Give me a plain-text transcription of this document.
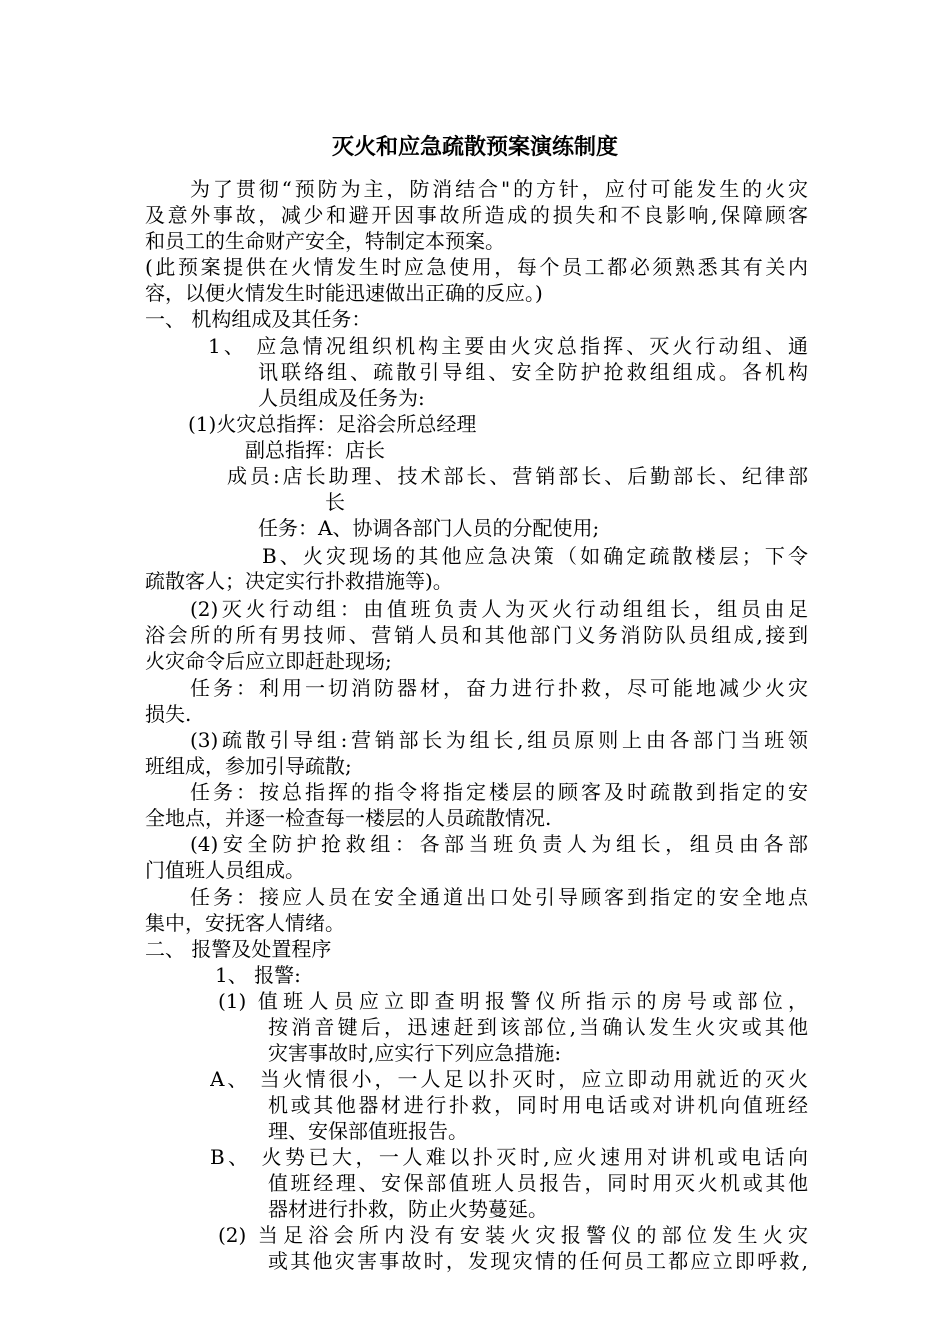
灭火和应急疏散预案演练制度
为了贯彻“预防为主，防消结合"的方针，应付可能发生的火灾
及意外事故，减少和避开因事故所造成的损失和不良影响,保障顾客
和员工的生命财产安全，特制定本预案。
(此预案提供在火情发生时应急使用，每个员工都必须熟悉其有关内
容，以便火情发生时能迅速做出正确的反应。)
一、 机构组成及其任务：
1、 应急情况组织机构主要由火灾总指挥、灭火行动组、通
讯联络组、疏散引导组、安全防护抢救组组成。各机构
人员组成及任务为:
(1)火灾总指挥：足浴会所总经理
副总指挥：店长
成员:店长助理、技术部长、营销部长、后勤部长、纪律部
长
任务：A、协调各部门人员的分配使用;
B、火灾现场的其他应急决策（如确定疏散楼层；下令
疏散客人；决定实行扑救措施等)。
(2)灭火行动组：由值班负责人为灭火行动组组长，组员由足
浴会所的所有男技师、营销人员和其他部门义务消防队员组成,接到
火灾命令后应立即赶赴现场;
任务：利用一切消防器材，奋力进行扑救，尽可能地减少火灾
损失.
(3)疏散引导组:营销部长为组长,组员原则上由各部门当班领
班组成，参加引导疏散;
任务：按总指挥的指令将指定楼层的顾客及时疏散到指定的安
全地点，并逐一检查每一楼层的人员疏散情况.
(4)安全防护抢救组：各部当班负责人为组长，组员由各部
门值班人员组成。
任务：接应人员在安全通道出口处引导顾客到指定的安全地点
集中，安抚客人情绪。
二、 报警及处置程序
1、 报警:
(1) 值班人员应立即查明报警仪所指示的房号或部位，
按消音键后，迅速赶到该部位,当确认发生火灾或其他
灾害事故时,应实行下列应急措施:
A、 当火情很小，一人足以扑灭时，应立即动用就近的灭火
机或其他器材进行扑救，同时用电话或对讲机向值班经
理、安保部值班报告。
B、 火势已大，一人难以扑灭时,应火速用对讲机或电话向
值班经理、安保部值班人员报告，同时用灭火机或其他
器材进行扑救，防止火势蔓延。
(2) 当足浴会所内没有安装火灾报警仪的部位发生火灾
或其他灾害事故时，发现灾情的任何员工都应立即呼救,
